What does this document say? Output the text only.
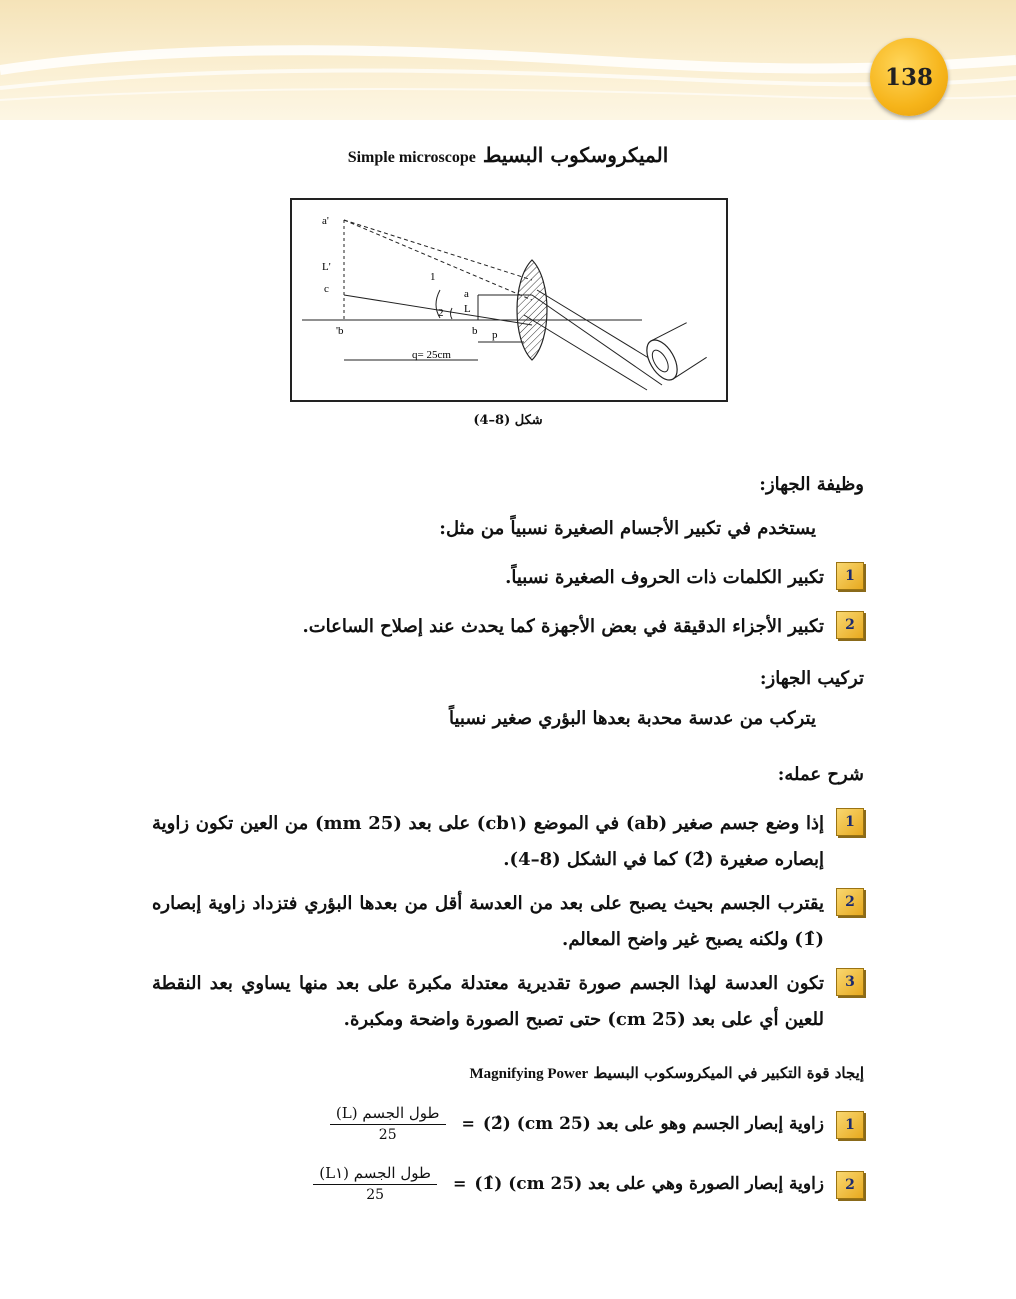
138
الميكروسكوب البسيط Simple microscope
a'
L'
c
'b
a
L
b p
1
2
q= 25cm
شكل (8–4)
وظيفة الجهاز:
يستخدم في تكبير الأجسام الصغيرة نسبياً من مثل:
1
تكبير الكلمات ذات الحروف الصغيرة نسبياً.
2
تكبير الأجزاء الدقيقة في بعض الأجهزة كما يحدث عند إصلاح الساعات.
تركيب الجهاز:
يتركب من عدسة محدبة بعدها البؤري صغير نسبياً
شرح عمله:
1
إذا وضع جسم صغير (ab) في الموضع (cb١) على بعد (25 mm) من العين تكون زاوية إبصاره صغيرة (2̂) كما في الشكل (8–4).
2
يقترب الجسم بحيث يصبح على بعد من العدسة أقل من بعدها البؤري فتزداد زاوية إبصاره (1̂) ولكنه يصبح غير واضح المعالم.
3
تكون العدسة لهذا الجسم صورة تقديرية معتدلة مكبرة على بعد منها يساوي بعد النقطة للعين أي على بعد (25 cm) حتى تصبح الصورة واضحة ومكبرة.
إيجاد قوة التكبير في الميكروسكوب البسيط Magnifying Power
1
زاوية إبصار الجسم وهو على بعد (25 cm) (2̂)
=
$\frac{\text{طول الجسم (L)}}{25}$
2
زاوية إبصار الصورة وهي على بعد (25 cm) (1̂)
=
$\frac{\text{طول الجسم (L١)}}{25}$
